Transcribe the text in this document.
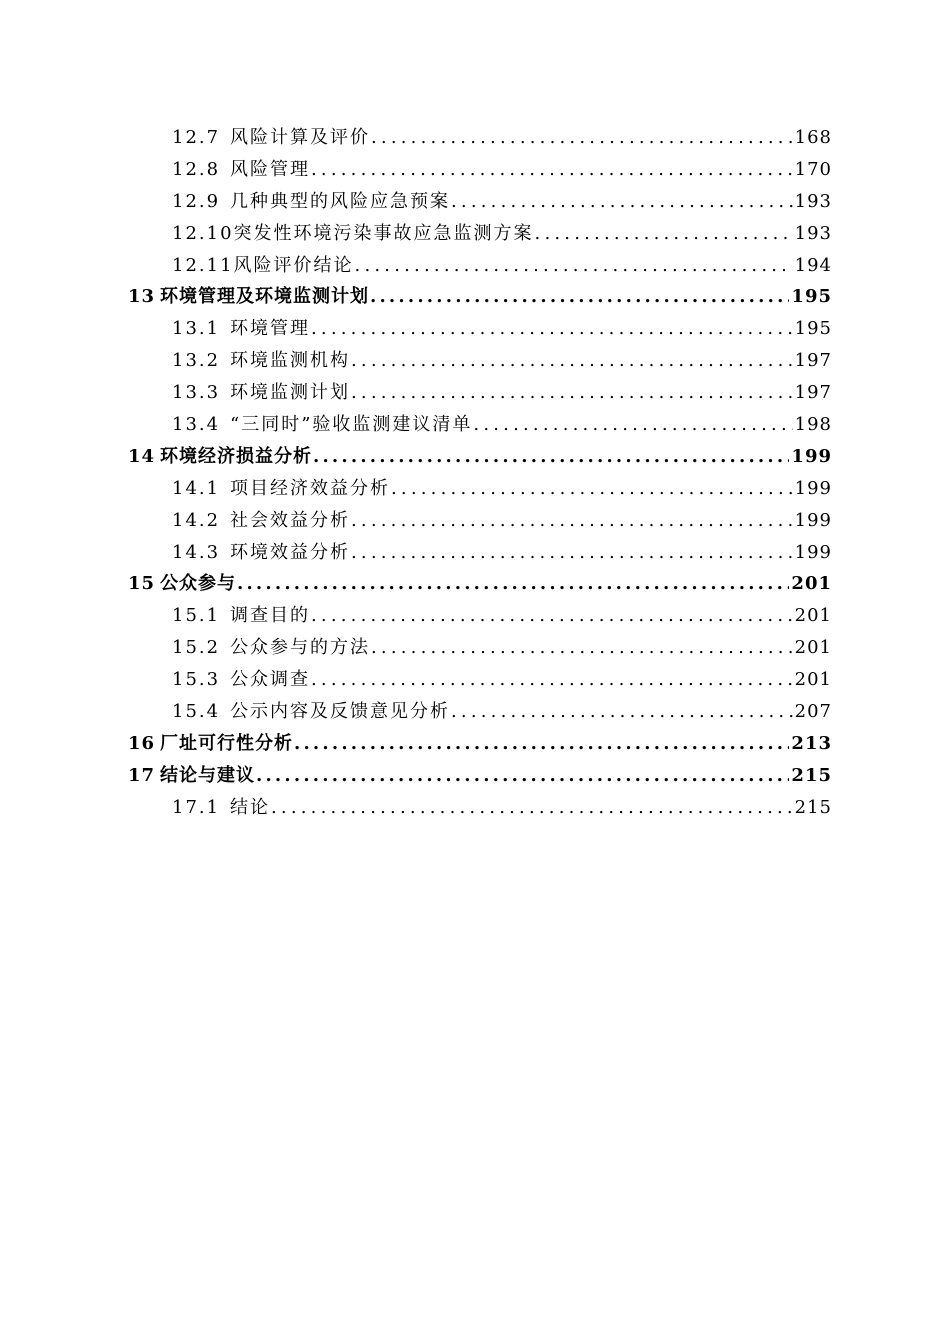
12.7 风险计算及评价 .....	168
12.8 风险管理 .....	170
12.9 几种典型的风险应急预案 .....	193
12.10 突发性环境污染事故应急监测方案 .....	193
12.11 风险评价结论 .....	194
13 环境管理及环境监测计划 .....	195
13.1 环境管理 .....	195
13.2 环境监测机构 .....	197
13.3 环境监测计划 .....	197
13.4 “三同时”验收监测建议清单 .....	198
14 环境经济损益分析 .....	199
14.1 项目经济效益分析 .....	199
14.2 社会效益分析 .....	199
14.3 环境效益分析 .....	199
15 公众参与 .....	201
15.1 调查目的 .....	201
15.2 公众参与的方法 .....	201
15.3 公众调查 .....	201
15.4 公示内容及反馈意见分析 .....	207
16 厂址可行性分析 .....	213
17 结论与建议 .....	215
17.1 结论 .....	215
